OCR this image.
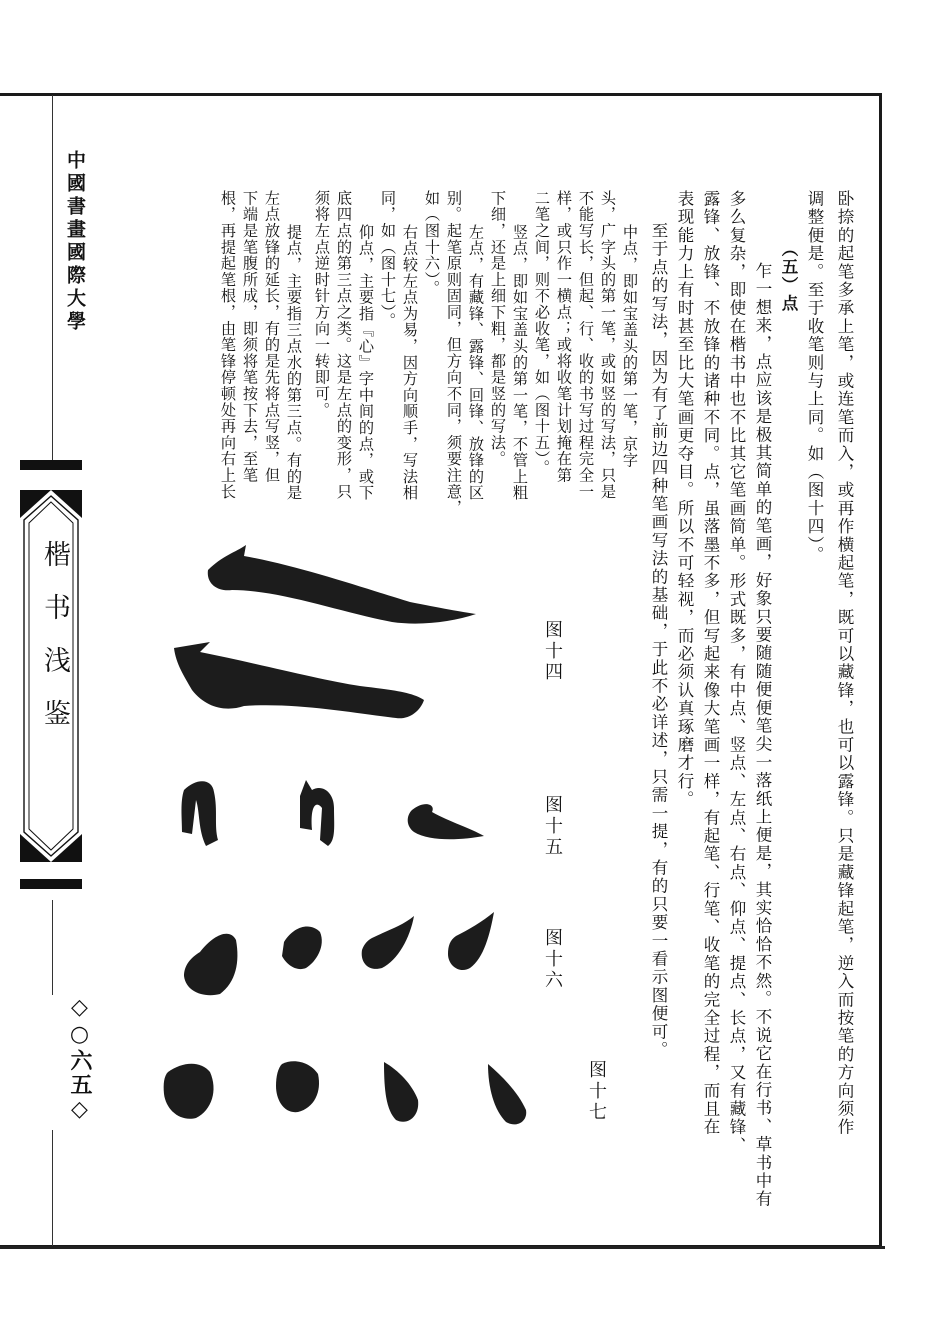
中國書畫國際大學
楷书浅鉴
◇○六五◇	卧捺的起笔多承上笔，或连笔而入，或再作横起笔，既可以藏锋，也可以露锋。只是藏锋起笔，逆入而按笔的方向须作
调整便是。至于收笔则与上同。如（图十四）。
（五）点
乍一想来，点应该是极其简单的笔画，好象只要随随便便笔尖一落纸上便是，其实恰恰不然。不说它在行书、草书中有
多么复杂，即使在楷书中也不比其它笔画简单。形式既多，有中点、竖点、左点、右点、仰点、提点、长点，又有藏锋、
露锋、放锋、不放锋的诸种不同。点，虽落墨不多，但写起来像大笔画一样，有起笔、行笔、收笔的完全过程，而且在
表现能力上有时甚至比大笔画更夺目。所以不可轻视，而必须认真琢磨才行。
至于点的写法，因为有了前边四种笔画写法的基础，于此不必详述，只需一提，有的只要一看示图便可。
中点，即如宝盖头的第一笔，京字
头，广字头的第一笔，或如竖的写法，只是
不能写长，但起、行、收的书写过程完全一
样，或只作一横点；或将收笔计划掩在第
二笔之间，则不必收笔，如（图十五）。
竖点，即如宝盖头的第一笔，不管上粗
下细，还是上细下粗，都是竖的写法。
左点，有藏锋、露锋、回锋、放锋的区
别。起笔原则固同，但方向不同，须要注意，
如（图十六）。
右点较左点为易，因方向顺手，写法相
同，如（图十七）。
仰点，主要指『心』字中间的点，或下
底四点的第三点之类。这是左点的变形，只
须将左点逆时针方向一转即可。
提点，主要指三点水的第三点。有的是
左点放锋的延长，有的是先将点写竖，但
下端是笔腹所成，即须将笔按下去，至笔
根，再提起笔根，由笔锋停顿处再向右上长
图十四
图十五
图十六
图十七
